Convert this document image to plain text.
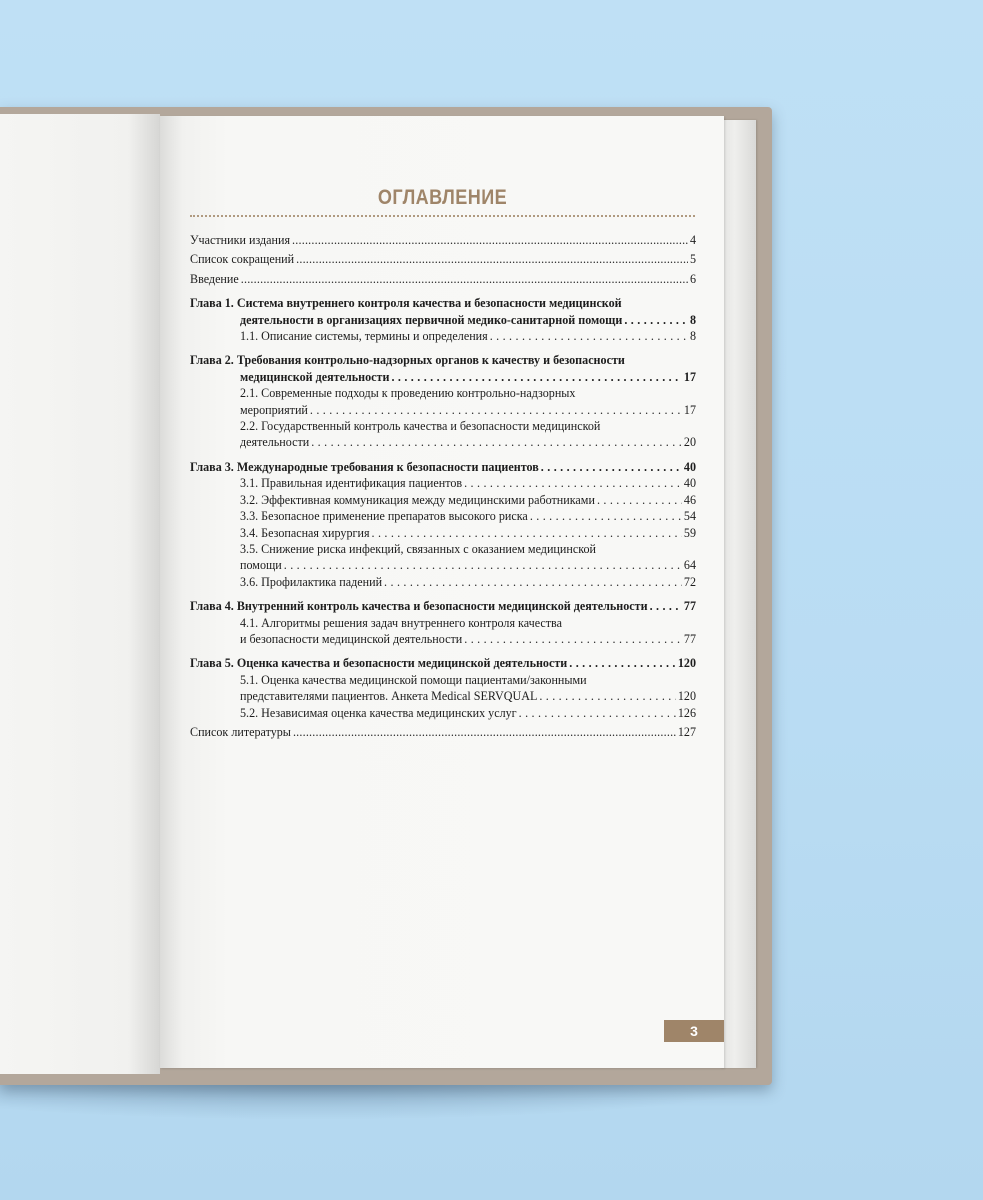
ОГЛАВЛЕНИЕ
Участники издания .....	4
Список сокращений .....	5
Введение .....	6
Глава 1. Система внутреннего контроля качества и безопасности медицинской
деятельности в организациях первичной медико-санитарной помощи . . .	8
1.1. Описание системы, термины и определения . . .	8
Глава 2. Требования контрольно-надзорных органов к качеству и безопасности
медицинской деятельности . . .	17
2.1. Современные подходы к проведению контрольно-надзорных
мероприятий . . .	17
2.2. Государственный контроль качества и безопасности медицинской
деятельности . . .	20
Глава 3. Международные требования к безопасности пациентов . . .	40
3.1. Правильная идентификация пациентов . . .	40
3.2. Эффективная коммуникация между медицинскими работниками . . .	46
3.3. Безопасное применение препаратов высокого риска . . .	54
3.4. Безопасная хирургия . . .	59
3.5. Снижение риска инфекций, связанных с оказанием медицинской
помощи . . .	64
3.6. Профилактика падений . . .	72
Глава 4. Внутренний контроль качества и безопасности медицинской деятельности . . .	77
4.1. Алгоритмы решения задач внутреннего контроля качества
и безопасности медицинской деятельности . . .	77
Глава 5. Оценка качества и безопасности медицинской деятельности . . .	120
5.1. Оценка качества медицинской помощи пациентами/законными
представителями пациентов. Анкета Medical SERVQUAL . . .	120
5.2. Независимая оценка качества медицинских услуг . . .	126
Список литературы .....	127
3
